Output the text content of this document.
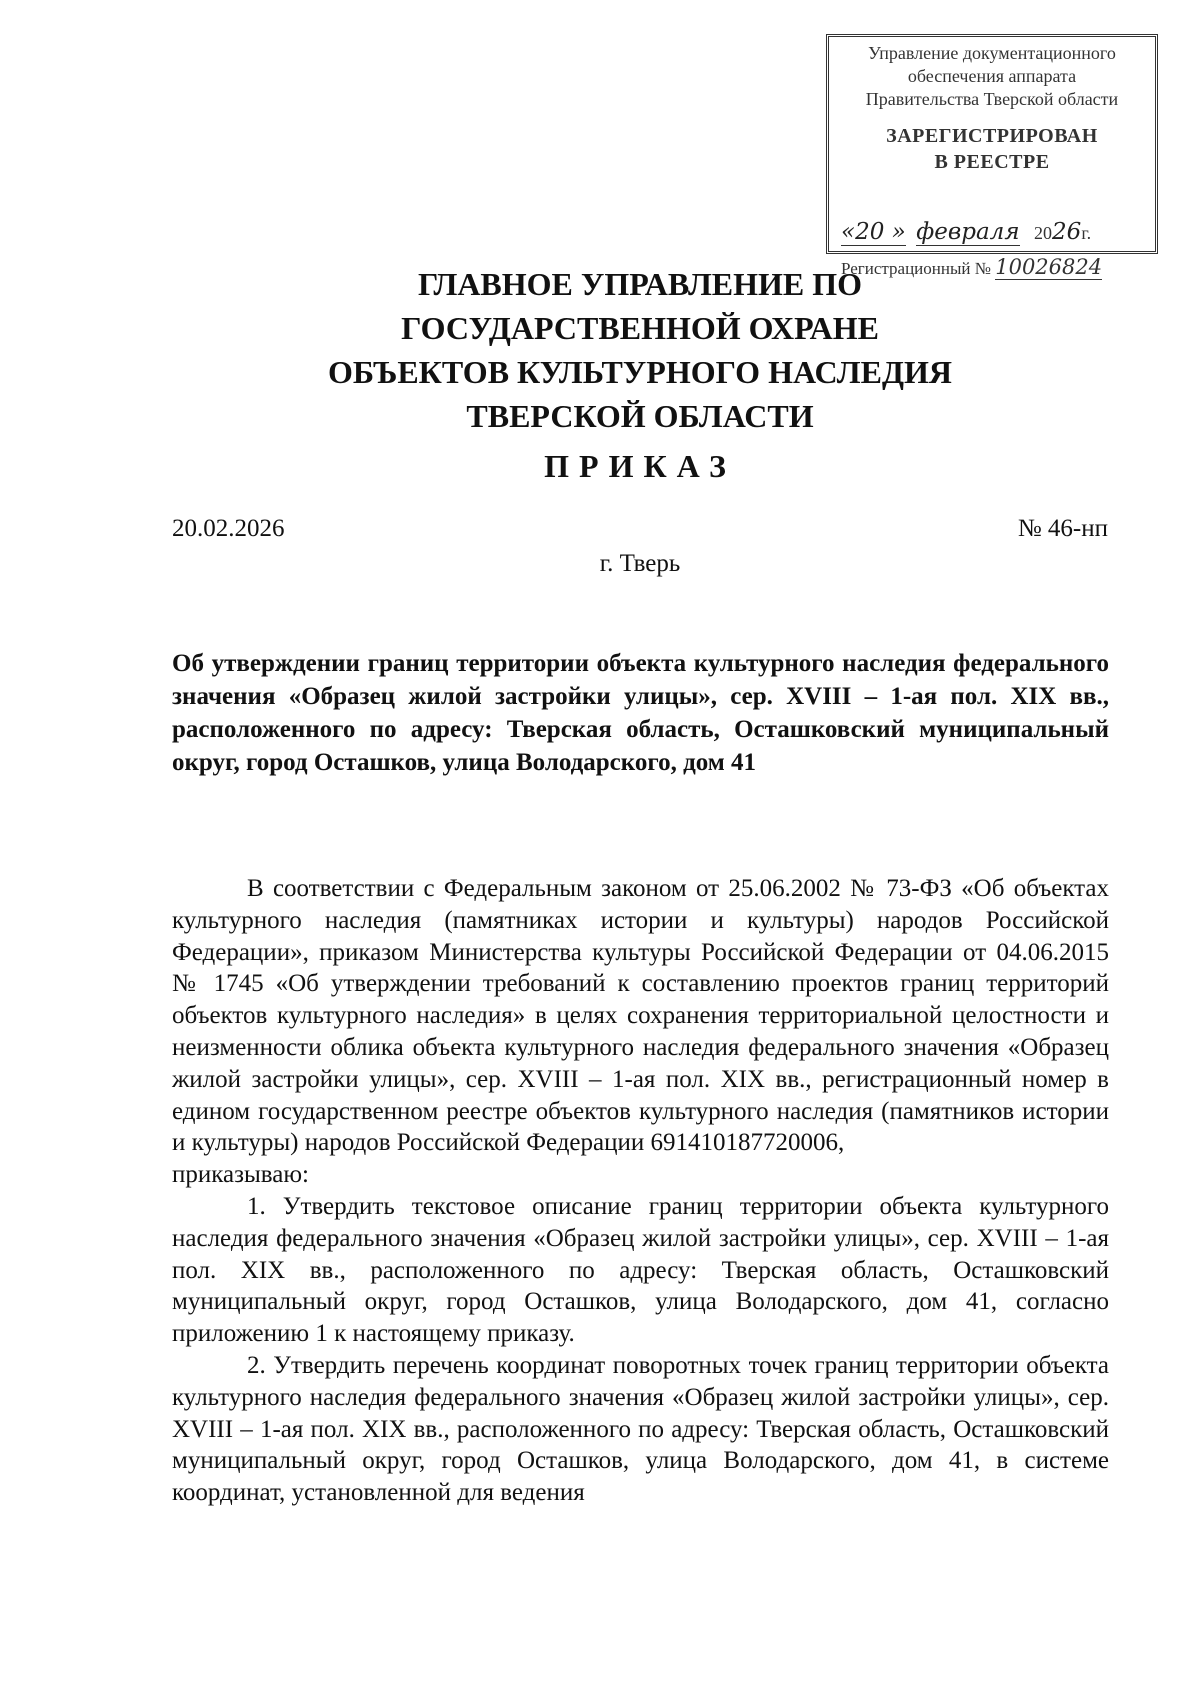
Управление документационного
обеспечения аппарата
Правительства Тверской области
ЗАРЕГИСТРИРОВАН
В РЕЕСТРЕ
«20 » февраля 2026г.
Регистрационный № 10026824
ГЛАВНОЕ УПРАВЛЕНИЕ ПО
ГОСУДАРСТВЕННОЙ ОХРАНЕ
ОБЪЕКТОВ КУЛЬТУРНОГО НАСЛЕДИЯ
ТВЕРСКОЙ ОБЛАСТИ
ПРИКАЗ
20.02.2026	№ 46-нп
г. Тверь
Об утверждении границ территории объекта культурного наследия федерального значения «Образец жилой застройки улицы», сер. XVIII – 1-ая пол. XIX вв., расположенного по адресу: Тверская область, Осташковский муниципальный округ, город Осташков, улица Володарского, дом 41

В соответствии с Федеральным законом от 25.06.2002 № 73-ФЗ «Об объектах культурного наследия (памятниках истории и культуры) народов Российской Федерации», приказом Министерства культуры Российской Федерации от 04.06.2015 № 1745 «Об утверждении требований к составлению проектов границ территорий объектов культурного наследия» в целях сохранения территориальной целостности и неизменности облика объекта культурного наследия федерального значения «Образец жилой застройки улицы», сер. XVIII – 1-ая пол. XIX вв., регистрационный номер в едином государственном реестре объектов культурного наследия (памятников истории и культуры) народов Российской Федерации 691410187720006,

приказываю:

1. Утвердить текстовое описание границ территории объекта культурного наследия федерального значения «Образец жилой застройки улицы», сер. XVIII – 1-ая пол. XIX вв., расположенного по адресу: Тверская область, Осташковский муниципальный округ, город Осташков, улица Володарского, дом 41, согласно приложению 1 к настоящему приказу.

2. Утвердить перечень координат поворотных точек границ территории объекта культурного наследия федерального значения «Образец жилой застройки улицы», сер. XVIII – 1-ая пол. XIX вв., расположенного по адресу: Тверская область, Осташковский муниципальный округ, город Осташков, улица Володарского, дом 41, в системе координат, установленной для ведения
